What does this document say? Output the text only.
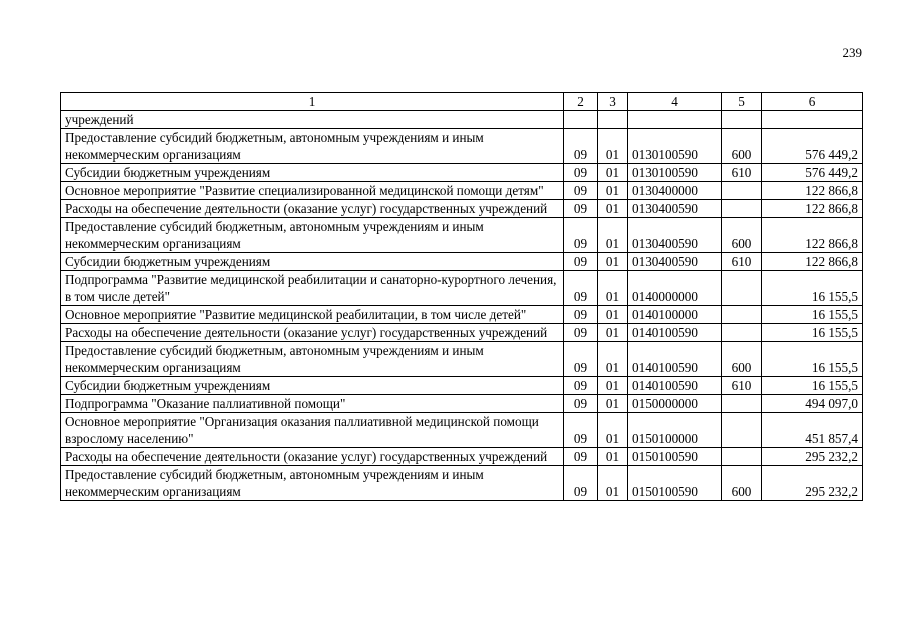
239
1	2	3	4	5	6
учреждений					
Предоставление субсидий бюджетным, автономным учреждениям и иным некоммерческим организациям	09	01	0130100590	600	576 449,2
Субсидии бюджетным учреждениям	09	01	0130100590	610	576 449,2
Основное мероприятие "Развитие специализированной медицинской помощи детям"	09	01	0130400000		122 866,8
Расходы на обеспечение деятельности (оказание услуг) государственных учреждений	09	01	0130400590		122 866,8
Предоставление субсидий бюджетным, автономным учреждениям и иным некоммерческим организациям	09	01	0130400590	600	122 866,8
Субсидии бюджетным учреждениям	09	01	0130400590	610	122 866,8
Подпрограмма "Развитие медицинской реабилитации и санаторно-курортного лечения, в том числе детей"	09	01	0140000000		16 155,5
Основное мероприятие "Развитие медицинской реабилитации, в том числе детей"	09	01	0140100000		16 155,5
Расходы на обеспечение деятельности (оказание услуг) государственных учреждений	09	01	0140100590		16 155,5
Предоставление субсидий бюджетным, автономным учреждениям и иным некоммерческим организациям	09	01	0140100590	600	16 155,5
Субсидии бюджетным учреждениям	09	01	0140100590	610	16 155,5
Подпрограмма "Оказание паллиативной помощи"	09	01	0150000000		494 097,0
Основное мероприятие "Организация оказания паллиативной медицинской помощи взрослому населению"	09	01	0150100000		451 857,4
Расходы на обеспечение деятельности (оказание услуг) государственных учреждений	09	01	0150100590		295 232,2
Предоставление субсидий бюджетным, автономным учреждениям и иным некоммерческим организациям	09	01	0150100590	600	295 232,2
